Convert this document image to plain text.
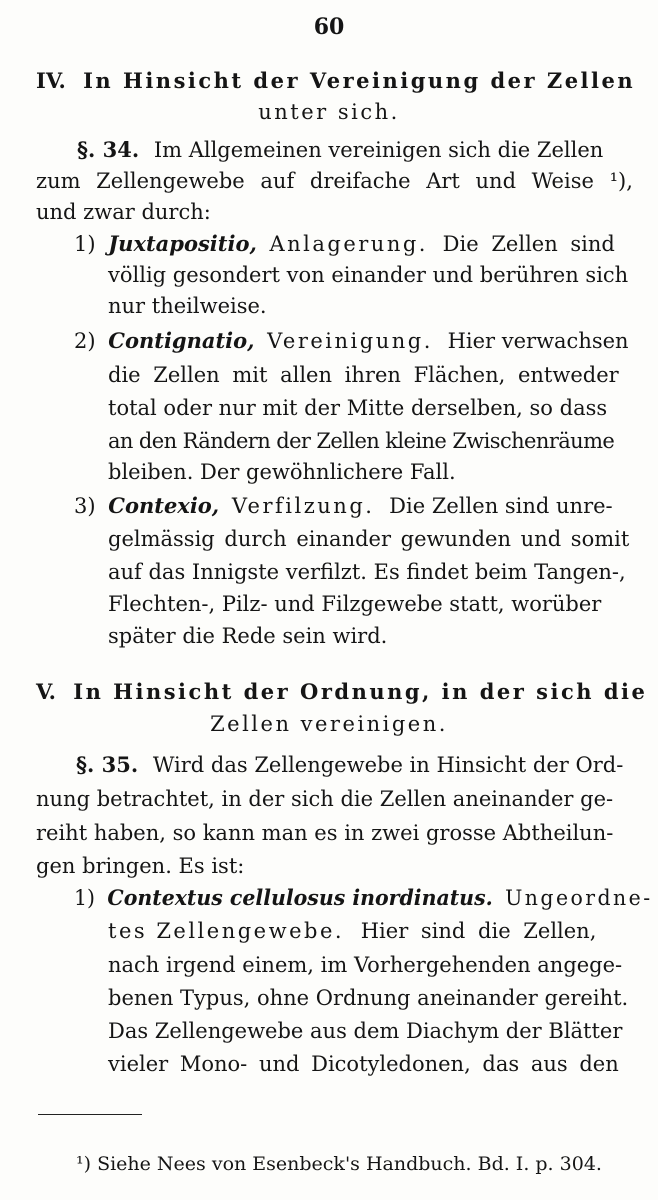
60
IV. In Hinsicht der Vereinigung der Zellen
unter sich.
§. 34. Im Allgemeinen vereinigen sich die Zellen
zum Zellengewebe auf dreifache Art und Weise ¹),
und zwar durch:
1) Juxtapositio, Anlagerung. Die Zellen sind
völlig gesondert von einander und berühren sich
nur theilweise.
2) Contignatio, Vereinigung. Hier verwachsen
die Zellen mit allen ihren Flächen, entweder
total oder nur mit der Mitte derselben, so dass
an den Rändern der Zellen kleine Zwischenräume
bleiben. Der gewöhnlichere Fall.
3) Contexio, Verfilzung. Die Zellen sind unre-
gelmässig durch einander gewunden und somit
auf das Innigste verfilzt. Es findet beim Tangen-,
Flechten-, Pilz- und Filzgewebe statt, worüber
später die Rede sein wird.
V. In Hinsicht der Ordnung, in der sich die
Zellen vereinigen.
§. 35. Wird das Zellengewebe in Hinsicht der Ord-
nung betrachtet, in der sich die Zellen aneinander ge-
reiht haben, so kann man es in zwei grosse Abtheilun-
gen bringen. Es ist:
1) Contextus cellulosus inordinatus. Ungeordne-
tes Zellengewebe. Hier sind die Zellen,
nach irgend einem, im Vorhergehenden angege-
benen Typus, ohne Ordnung aneinander gereiht.
Das Zellengewebe aus dem Diachym der Blätter
vieler Mono- und Dicotyledonen, das aus den
¹) Siehe Nees von Esenbeck's Handbuch. Bd. I. p. 304.
